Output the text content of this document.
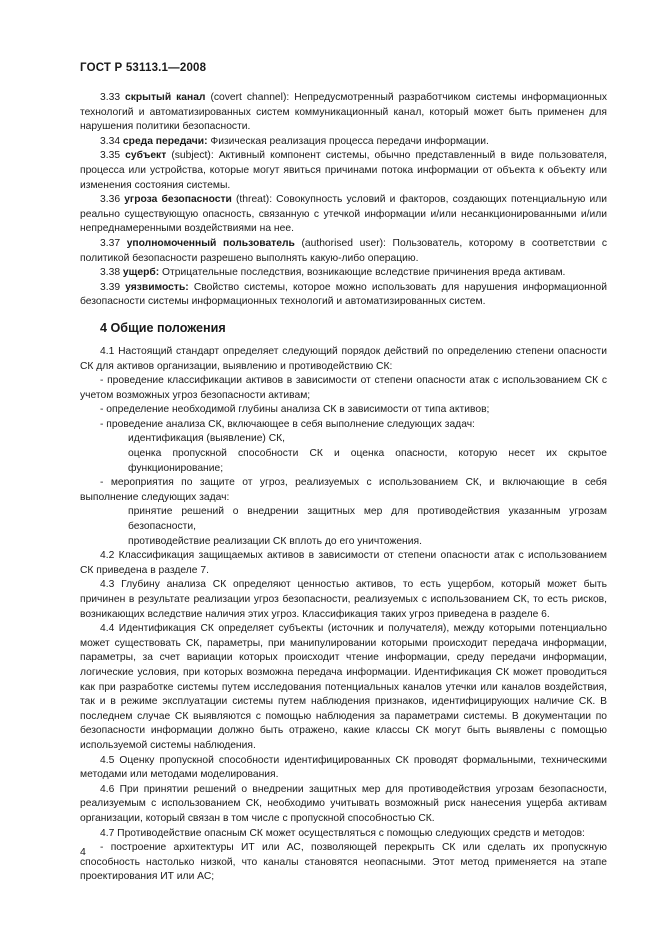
ГОСТ Р 53113.1—2008

3.33 скрытый канал (covert channel): Непредусмотренный разработчиком системы информационных технологий и автоматизированных систем коммуникационный канал, который может быть применен для нарушения политики безопасности.

3.34 среда передачи: Физическая реализация процесса передачи информации.

3.35 субъект (subject): Активный компонент системы, обычно представленный в виде пользователя, процесса или устройства, которые могут явиться причинами потока информации от объекта к объекту или изменения состояния системы.

3.36 угроза безопасности (threat): Совокупность условий и факторов, создающих потенциальную или реально существующую опасность, связанную с утечкой информации и/или несанкционированными и/или непреднамеренными воздействиями на нее.

3.37 уполномоченный пользователь (authorised user): Пользователь, которому в соответствии с политикой безопасности разрешено выполнять какую-либо операцию.

3.38 ущерб: Отрицательные последствия, возникающие вследствие причинения вреда активам.

3.39 уязвимость: Свойство системы, которое можно использовать для нарушения информационной безопасности системы информационных технологий и автоматизированных систем.

4 Общие положения

4.1 Настоящий стандарт определяет следующий порядок действий по определению степени опасности СК для активов организации, выявлению и противодействию СК:

- проведение классификации активов в зависимости от степени опасности атак с использованием СК с учетом возможных угроз безопасности активам;

- определение необходимой глубины анализа СК в зависимости от типа активов;

- проведение анализа СК, включающее в себя выполнение следующих задач:

идентификация (выявление) СК,

оценка пропускной способности СК и оценка опасности, которую несет их скрытое функционирование;

- мероприятия по защите от угроз, реализуемых с использованием СК, и включающие в себя выполнение следующих задач:

принятие решений о внедрении защитных мер для противодействия указанным угрозам безопасности,

противодействие реализации СК вплоть до его уничтожения.

4.2 Классификация защищаемых активов в зависимости от степени опасности атак с использованием СК приведена в разделе 7.

4.3 Глубину анализа СК определяют ценностью активов, то есть ущербом, который может быть причинен в результате реализации угроз безопасности, реализуемых с использованием СК, то есть рисков, возникающих вследствие наличия этих угроз. Классификация таких угроз приведена в разделе 6.

4.4 Идентификация СК определяет субъекты (источник и получателя), между которыми потенциально может существовать СК, параметры, при манипулировании которыми происходит передача информации, параметры, за счет вариации которых происходит чтение информации, среду передачи информации, логические условия, при которых возможна передача информации. Идентификация СК может проводиться как при разработке системы путем исследования потенциальных каналов утечки или каналов воздействия, так и в режиме эксплуатации системы путем наблюдения признаков, идентифицирующих наличие СК. В последнем случае СК выявляются с помощью наблюдения за параметрами системы. В документации по безопасности информации должно быть отражено, какие классы СК могут быть выявлены с помощью используемой системы наблюдения.

4.5 Оценку пропускной способности идентифицированных СК проводят формальными, техническими методами или методами моделирования.

4.6 При принятии решений о внедрении защитных мер для противодействия угрозам безопасности, реализуемым с использованием СК, необходимо учитывать возможный риск нанесения ущерба активам организации, который связан в том числе с пропускной способностью СК.

4.7 Противодействие опасным СК может осуществляться с помощью следующих средств и методов:

- построение архитектуры ИТ или АС, позволяющей перекрыть СК или сделать их пропускную способность настолько низкой, что каналы становятся неопасными. Этот метод применяется на этапе проектирования ИТ или АС;

4
